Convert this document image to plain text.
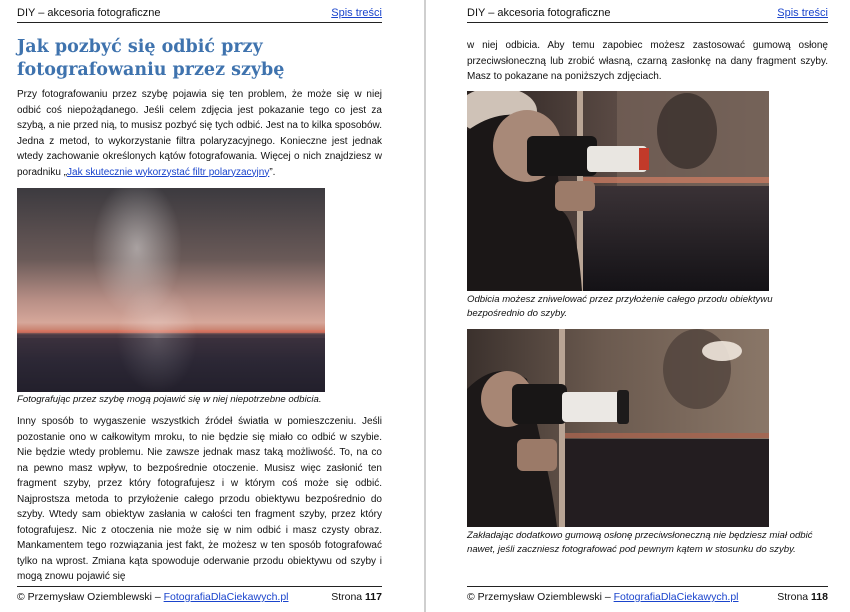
DIY – akcesoria fotograficzne	Spis treści
Jak pozbyć się odbić przy fotografowaniu przez szybę

Przy fotografowaniu przez szybę pojawia się ten problem, że może się w niej odbić coś niepożądanego. Jeśli celem zdjęcia jest pokazanie tego co jest za szybą, a nie przed nią, to musisz pozbyć się tych odbić. Jest na to kilka sposobów. Jedna z metod, to wykorzystanie filtra polaryzacyjnego. Konieczne jest jednak wtedy zachowanie określonych kątów fotografowania. Więcej o nich znajdziesz w poradniku „Jak skutecznie wykorzystać filtr polaryzacyjny”.

Fotografując przez szybę mogą pojawić się w niej niepotrzebne odbicia.

Inny sposób to wygaszenie wszystkich źródeł światła w pomieszczeniu. Jeśli pozostanie ono w całkowitym mroku, to nie będzie się miało co odbić w szybie. Nie będzie wtedy problemu. Nie zawsze jednak masz taką możliwość. To, na co na pewno masz wpływ, to bezpośrednie otoczenie. Musisz więc zasłonić ten fragment szyby, przez który fotografujesz i w którym coś może się odbić. Najprostsza metoda to przyłożenie całego przodu obiektywu bezpośrednio do szyby. Wtedy sam obiektyw zasłania w całości ten fragment szyby, przez który fotografujesz. Nic z otoczenia nie może się w nim odbić i masz czysty obraz. Mankamentem tego rozwiązania jest fakt, że możesz w ten sposób fotografować tylko na wprost. Zmiana kąta spowoduje oderwanie przodu obiektywu od szyby i mogą znowu pojawić się

© Przemysław Oziemblewski – FotografiaDlaCiekawych.pl	Strona 117
DIY – akcesoria fotograficzne	Spis treści

w niej odbicia. Aby temu zapobiec możesz zastosować gumową osłonę przeciwsłoneczną lub zrobić własną, czarną zasłonkę na dany fragment szyby. Masz to pokazane na poniższych zdjęciach.

Odbicia możesz zniwelować przez przyłożenie całego przodu obiektywu bezpośrednio do szyby.

Zakładając dodatkowo gumową osłonę przeciwsłoneczną nie będziesz miał odbić nawet, jeśli zaczniesz fotografować pod pewnym kątem w stosunku do szyby.

© Przemysław Oziemblewski – FotografiaDlaCiekawych.pl	Strona 118
